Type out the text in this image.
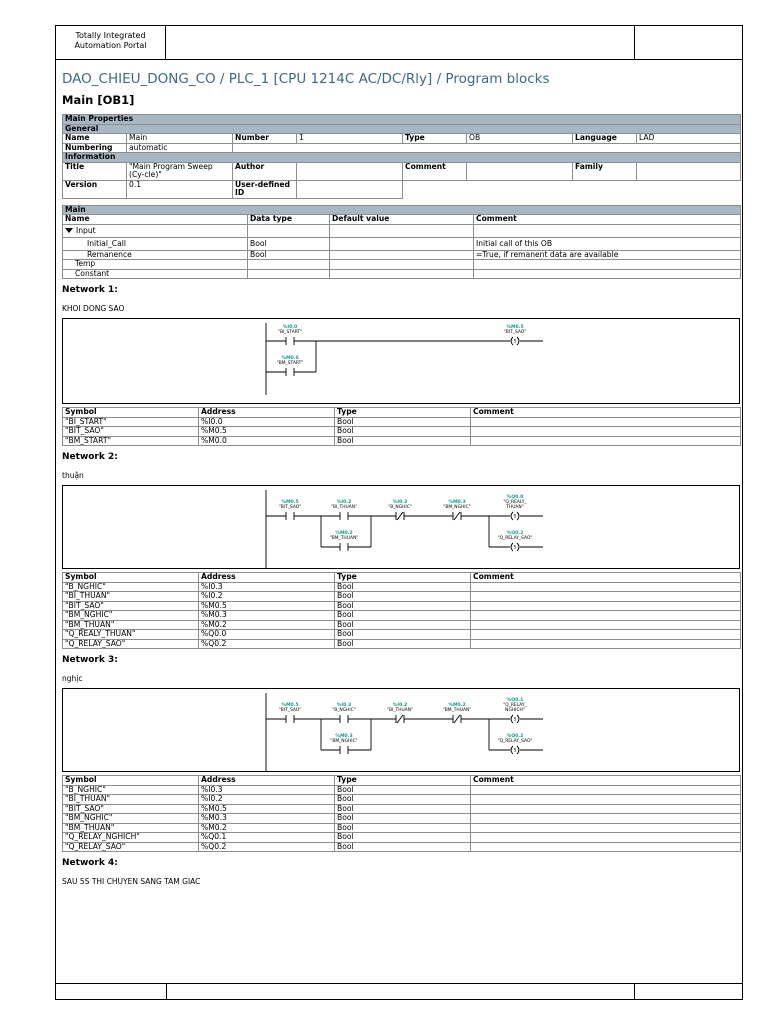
Totally Integrated
Automation Portal
DAO_CHIEU_DONG_CO / PLC_1 [CPU 1214C AC/DC/Rly] / Program blocks
Main [OB1]
Main Properties							
General							
Name	Main	Number	1	Type	OB	Language	LAD
Numbering	automatic						
Information							
Title	"Main Program Sweep (Cy-cle)"	Author		Comment		Family	
Version	0.1	User-defined ID					
Main			
Name	Data type	Default value	Comment
Input			
Initial_Call	Bool		Initial call of this OB
Remanence	Bool		=True, if remanent data are available
Temp			
Constant			
Network 1:
KHOI DONG SAO
%I0.0
"BI_START"
%M0.0
"BM_START"
S
%M0.5
"BIT_SAO"
Symbol	Address	Type	Comment
"BI_START"	%I0.0	Bool	
"BIT_SAO"	%M0.5	Bool	
"BM_START"	%M0.0	Bool	
Network 2:
thuận
%M0.5
"BIT_SAO"
%I0.2
"BI_THUAN"
%I0.3
"B_NGHIC"
%M0.3
"BM_NGHIC"
%M0.2
"BM_THUAN"
S
%Q0.0
"Q_REALY_
THUAN"
S
%Q0.2
"Q_RELAY_SAO"
Symbol	Address	Type	Comment
"B_NGHIC"	%I0.3	Bool	
"BI_THUAN"	%I0.2	Bool	
"BIT_SAO"	%M0.5	Bool	
"BM_NGHIC"	%M0.3	Bool	
"BM_THUAN"	%M0.2	Bool	
"Q_REALY_THUAN"	%Q0.0	Bool	
"Q_RELAY_SAO"	%Q0.2	Bool	
Network 3:
nghịc
%M0.5
"BIT_SAO"
%I0.3
"B_NGHIC"
%I0.2
"BI_THUAN"
%M0.2
"BM_THUAN"
%M0.3
"BM_NGHIC"
S
%Q0.1
"Q_RELAY_
NGHICH"
S
%Q0.2
"Q_RELAY_SAO"
Symbol	Address	Type	Comment
"B_NGHIC"	%I0.3	Bool	
"BI_THUAN"	%I0.2	Bool	
"BIT_SAO"	%M0.5	Bool	
"BM_NGHIC"	%M0.3	Bool	
"BM_THUAN"	%M0.2	Bool	
"Q_RELAY_NGHICH"	%Q0.1	Bool	
"Q_RELAY_SAO"	%Q0.2	Bool	
Network 4:
SAU 5S THI CHUYEN SANG TAM GIAC
